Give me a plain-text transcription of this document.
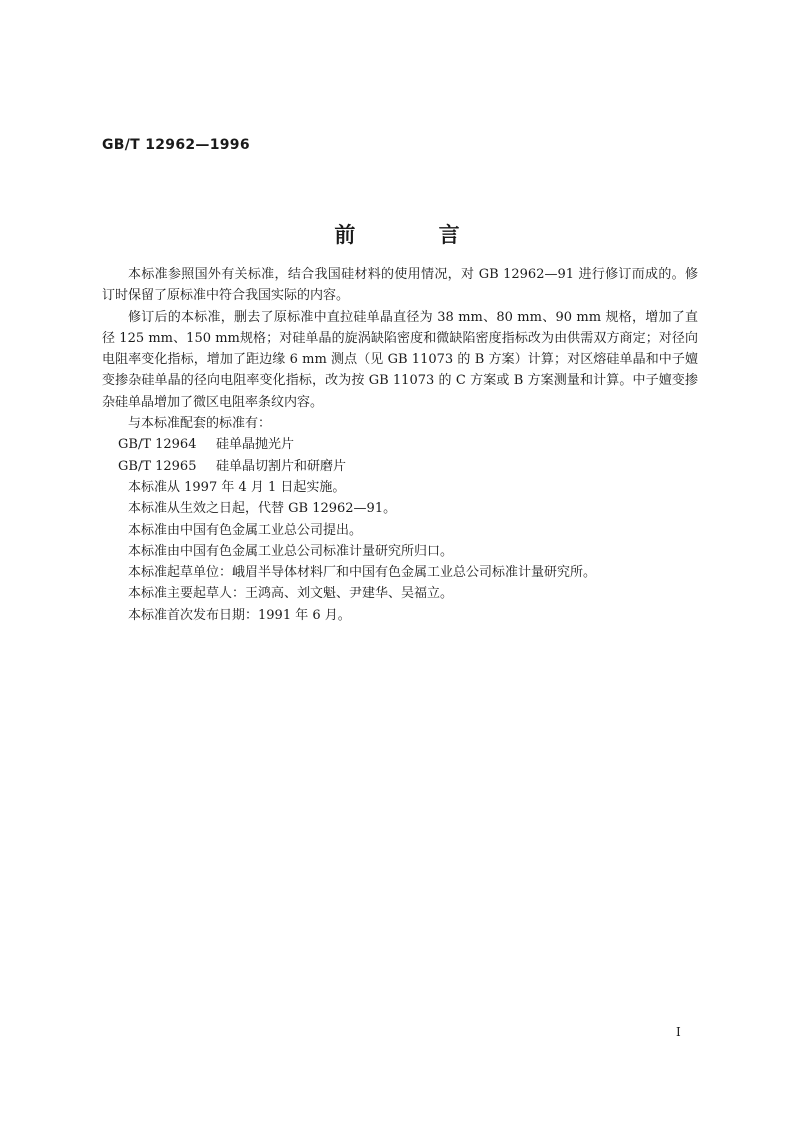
GB/T 12962—1996
前 言

本标准参照国外有关标准，结合我国硅材料的使用情况，对 GB 12962—91 进行修订而成的。修订时保留了原标准中符合我国实际的内容。

修订后的本标准，删去了原标准中直拉硅单晶直径为 38 mm、80 mm、90 mm 规格，增加了直径 125 mm、150 mm规格；对硅单晶的旋涡缺陷密度和微缺陷密度指标改为由供需双方商定；对径向电阻率变化指标，增加了距边缘 6 mm 测点（见 GB 11073 的 B 方案）计算；对区熔硅单晶和中子嬗变掺杂硅单晶的径向电阻率变化指标，改为按 GB 11073 的 C 方案或 B 方案测量和计算。中子嬗变掺杂硅单晶增加了微区电阻率条纹内容。

与本标准配套的标准有：

GB/T 12964 硅单晶抛光片

GB/T 12965 硅单晶切割片和研磨片

本标准从 1997 年 4 月 1 日起实施。

本标准从生效之日起，代替 GB 12962—91。

本标准由中国有色金属工业总公司提出。

本标准由中国有色金属工业总公司标准计量研究所归口。

本标准起草单位：峨眉半导体材料厂和中国有色金属工业总公司标准计量研究所。

本标准主要起草人：王鸿高、刘文魁、尹建华、吴福立。

本标准首次发布日期：1991 年 6 月。

I
